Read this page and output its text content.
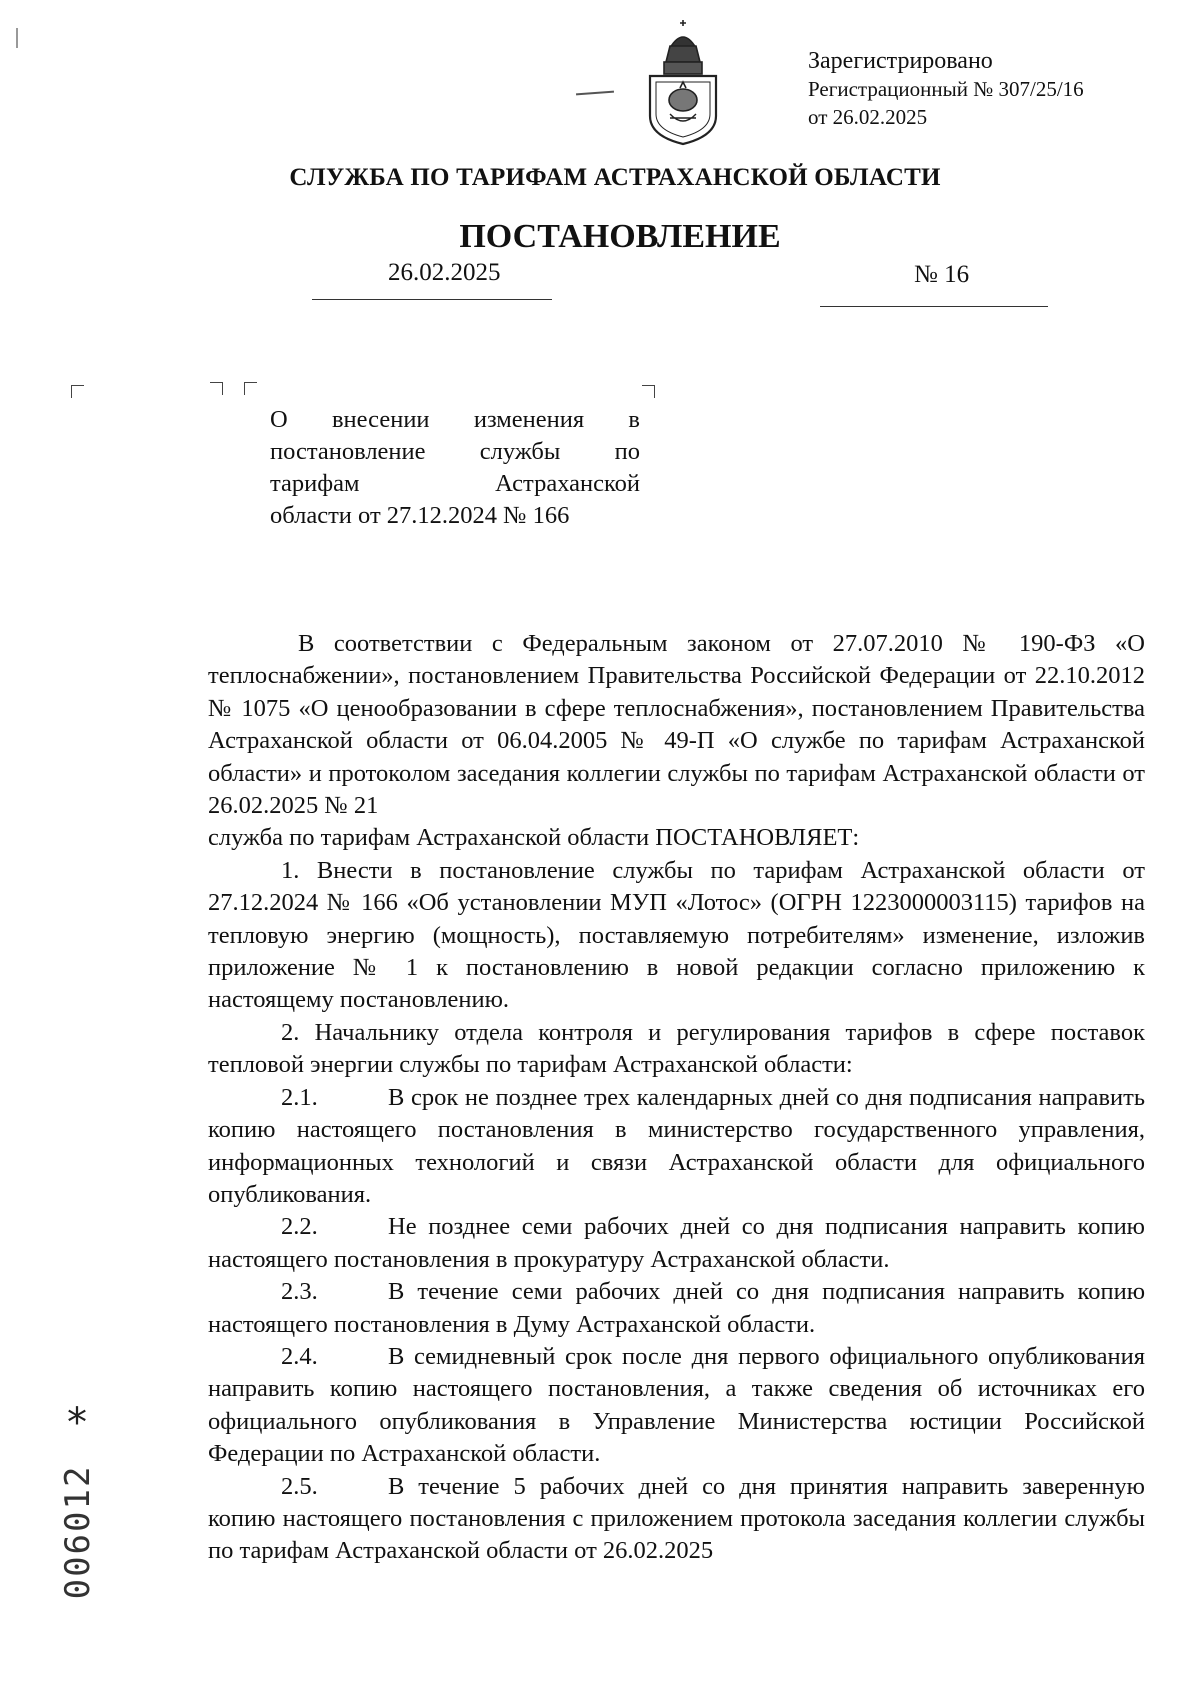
Зарегистрировано
Регистрационный № 307/25/16
от 26.02.2025
СЛУЖБА ПО ТАРИФАМ АСТРАХАНСКОЙ ОБЛАСТИ
ПОСТАНОВЛЕНИЕ
26.02.2025	№ 16
О внесении изменения в
постановление службы по
тарифам Астраханской
области от 27.12.2024 № 166

В соответствии с Федеральным законом от 27.07.2010 № 190-ФЗ «О теплоснабжении», постановлением Правительства Российской Федерации от 22.10.2012 № 1075 «О ценообразовании в сфере теплоснабжения», постановлением Правительства Астраханской области от 06.04.2005 № 49-П «О службе по тарифам Астраханской области» и протоколом заседания коллегии службы по тарифам Астраханской области от 26.02.2025 № 21

служба по тарифам Астраханской области ПОСТАНОВЛЯЕТ:

1. Внести в постановление службы по тарифам Астраханской области от 27.12.2024 № 166 «Об установлении МУП «Лотос» (ОГРН 1223000003115) тарифов на тепловую энергию (мощность), поставляемую потребителям» изменение, изложив приложение № 1 к постановлению в новой редакции согласно приложению к настоящему постановлению.

2. Начальнику отдела контроля и регулирования тарифов в сфере поставок тепловой энергии службы по тарифам Астраханской области:

2.1.	В срок не позднее трех календарных дней со дня подписания направить копию настоящего постановления в министерство государственного управления, информационных технологий и связи Астраханской области для официального опубликования.

2.2.	Не позднее семи рабочих дней со дня подписания направить копию настоящего постановления в прокуратуру Астраханской области.

2.3.	В течение семи рабочих дней со дня подписания направить копию настоящего постановления в Думу Астраханской области.

2.4.	В семидневный срок после дня первого официального опубликования направить копию настоящего постановления, а также сведения об источниках его официального опубликования в Управление Министерства юстиции Российской Федерации по Астраханской области.

2.5.	В течение 5 рабочих дней со дня принятия направить заверенную копию настоящего постановления с приложением протокола заседания коллегии службы по тарифам Астраханской области от 26.02.2025

*
006012
